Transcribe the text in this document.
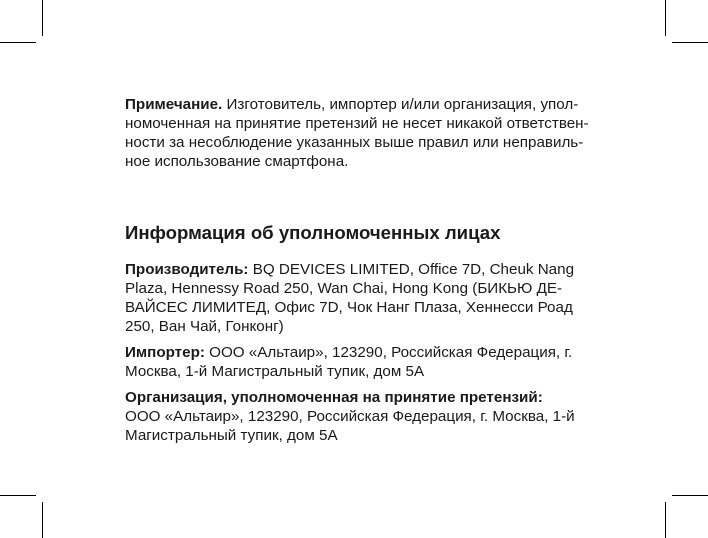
Примечание. Изготовитель, импортер и/или организация, упол-
номоченная на принятие претензий не несет никакой ответствен-
ности за несоблюдение указанных выше правил или неправиль-
ное использование смартфона.

Информация об уполномоченных лицах

Производитель: BQ DEVICES LIMITED, Office 7D, Cheuk Nang
Plaza, Hennessy Road 250, Wan Chai, Hong Kong (БИКЬЮ ДЕ-
ВАЙСЕС ЛИМИТЕД, Офис 7D, Чок Нанг Плаза, Хеннесси Роад
250, Ван Чай, Гонконг)

Импортер: ООО «Альтаир», 123290, Российская Федерация, г.
Москва, 1-й Магистральный тупик, дом 5А

Организация, уполномоченная на принятие претензий:
ООО «Альтаир», 123290, Российская Федерация, г. Москва, 1-й
Магистральный тупик, дом 5А
